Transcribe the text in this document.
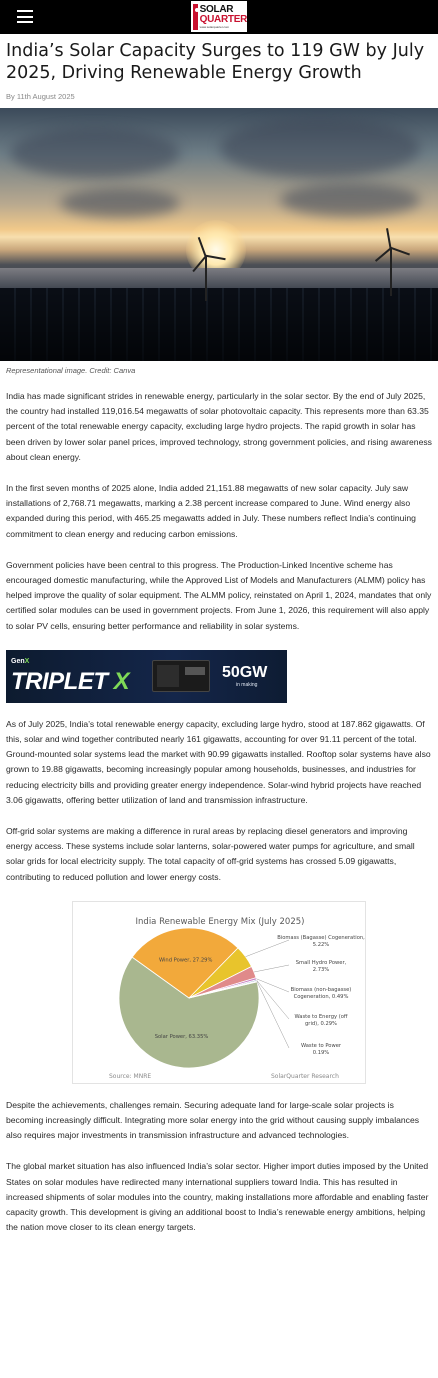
SOLAR
QUARTER
www.solarquarter.com
India’s Solar Capacity Surges to 119 GW by July 2025, Driving Renewable Energy Growth
By 11th August 2025
Representational image. Credit: Canva

India has made significant strides in renewable energy, particularly in the solar sector. By the end of July 2025, the country had installed 119,016.54 megawatts of solar photovoltaic capacity. This represents more than 63.35 percent of the total renewable energy capacity, excluding large hydro projects. The rapid growth in solar has been driven by lower solar panel prices, improved technology, strong government policies, and rising awareness about clean energy.

In the first seven months of 2025 alone, India added 21,151.88 megawatts of new solar capacity. July saw installations of 2,768.71 megawatts, marking a 2.38 percent increase compared to June. Wind energy also expanded during this period, with 465.25 megawatts added in July. These numbers reflect India’s continuing commitment to clean energy and reducing carbon emissions.

Government policies have been central to this progress. The Production-Linked Incentive scheme has encouraged domestic manufacturing, while the Approved List of Models and Manufacturers (ALMM) policy has helped improve the quality of solar equipment. The ALMM policy, reinstated on April 1, 2024, mandates that only certified solar modules can be used in government projects. From June 1, 2026, this requirement will also apply to solar PV cells, ensuring better performance and reliability in solar systems.

GenX
TRIPLET X	50GW
in making

As of July 2025, India’s total renewable energy capacity, excluding large hydro, stood at 187.862 gigawatts. Of this, solar and wind together contributed nearly 161 gigawatts, accounting for over 91.11 percent of the total. Ground-mounted solar systems lead the market with 90.99 gigawatts installed. Rooftop solar systems have also grown to 19.88 gigawatts, becoming increasingly popular among households, businesses, and industries for reducing electricity bills and providing greater energy independence. Solar-wind hybrid projects have reached 3.06 gigawatts, offering better utilization of land and transmission infrastructure.

Off-grid solar systems are making a difference in rural areas by replacing diesel generators and improving energy access. These systems include solar lanterns, solar-powered water pumps for agriculture, and small solar grids for local electricity supply. The total capacity of off-grid systems has crossed 5.09 gigawatts, contributing to reduced pollution and lower energy costs.

India Renewable Energy Mix (July 2025)
Solar Power, 63.35%
Wind Power, 27.29%
Biomass (Bagasse) Cogeneration,
5.22%
Small Hydro Power,
2.73%
Biomass (non-bagasse)
Cogeneration, 0.49%
Waste to Energy (off
grid), 0.29%
Waste to Power
0.19%
Source: MNRE	SolarQuarter Research

Despite the achievements, challenges remain. Securing adequate land for large-scale solar projects is becoming increasingly difficult. Integrating more solar energy into the grid without causing supply imbalances also requires major investments in transmission infrastructure and advanced technologies.

The global market situation has also influenced India’s solar sector. Higher import duties imposed by the United States on solar modules have redirected many international suppliers toward India. This has resulted in increased shipments of solar modules into the country, making installations more affordable and enabling faster capacity growth. This development is giving an additional boost to India’s renewable energy ambitions, helping the nation move closer to its clean energy targets.
